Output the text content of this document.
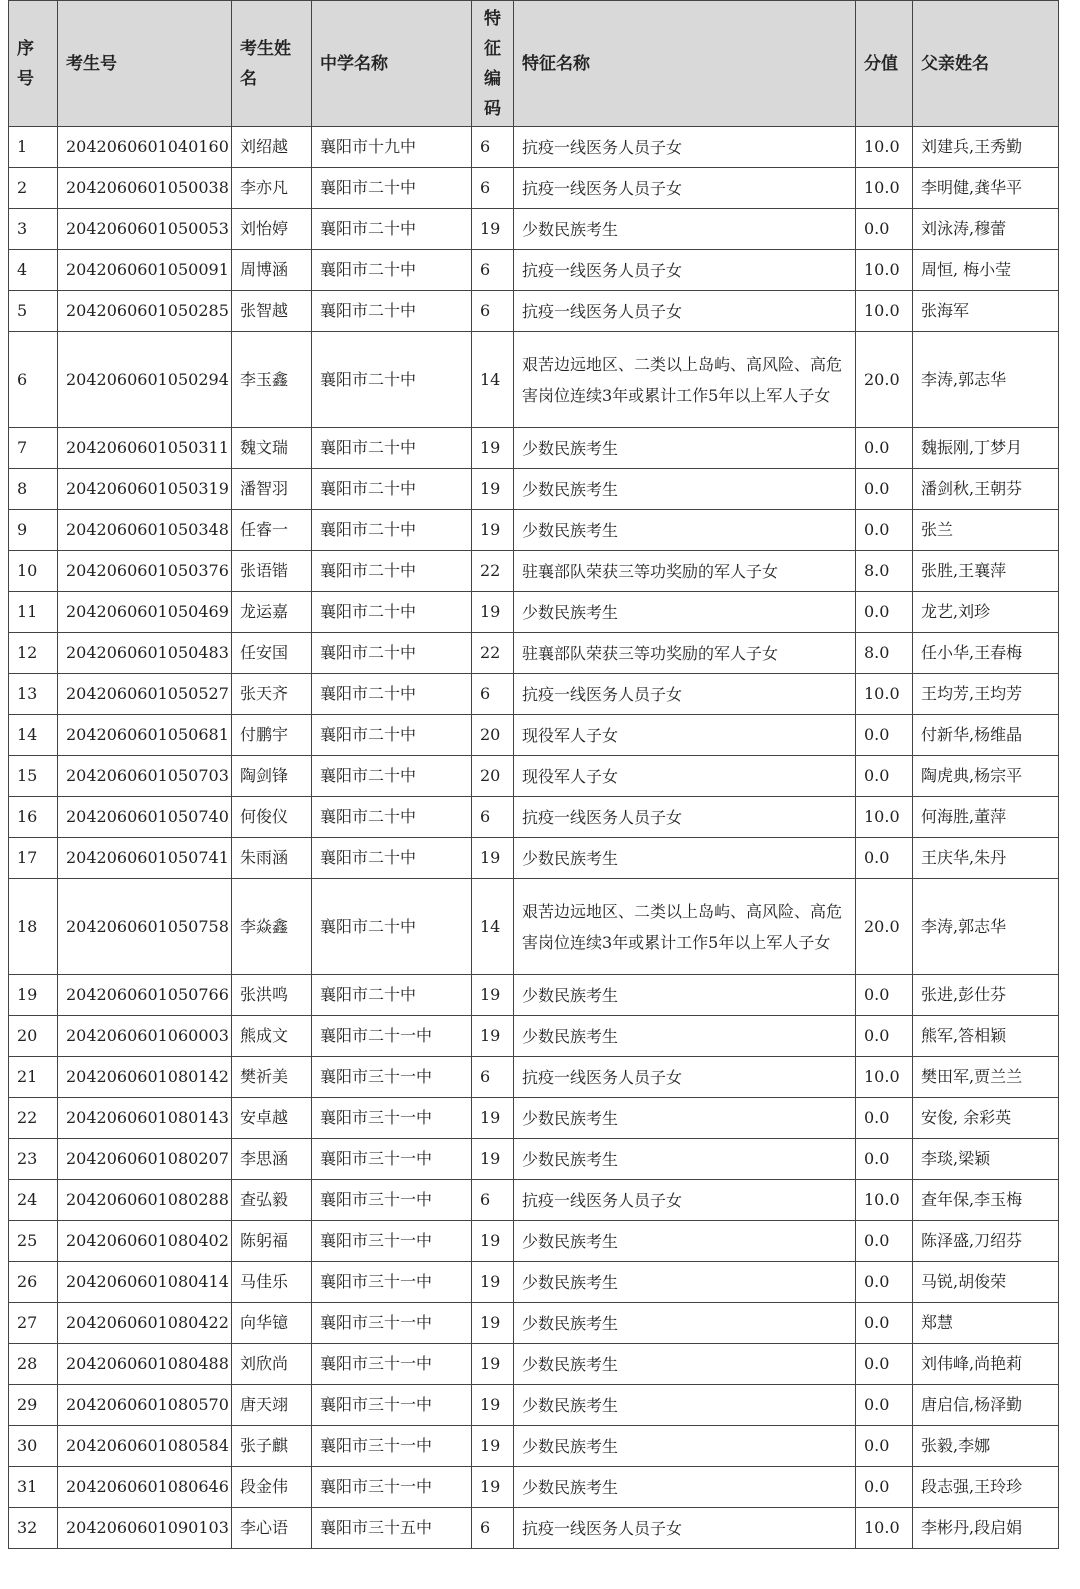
序号	考生号	考生姓名	中学名称	特征编码	特征名称	分值	父亲姓名
1	2042060601040160	刘绍越	襄阳市十九中	6	抗疫一线医务人员子女	10.0	刘建兵,王秀勤
2	2042060601050038	李亦凡	襄阳市二十中	6	抗疫一线医务人员子女	10.0	李明健,龚华平
3	2042060601050053	刘怡婷	襄阳市二十中	19	少数民族考生	0.0	刘泳涛,穆蕾
4	2042060601050091	周博涵	襄阳市二十中	6	抗疫一线医务人员子女	10.0	周恒, 梅小莹
5	2042060601050285	张智越	襄阳市二十中	6	抗疫一线医务人员子女	10.0	张海军
6	2042060601050294	李玉鑫	襄阳市二十中	14	艰苦边远地区、二类以上岛屿、高风险、高危害岗位连续3年或累计工作5年以上军人子女	20.0	李涛,郭志华
7	2042060601050311	魏文瑞	襄阳市二十中	19	少数民族考生	0.0	魏振刚,丁梦月
8	2042060601050319	潘智羽	襄阳市二十中	19	少数民族考生	0.0	潘剑秋,王朝芬
9	2042060601050348	任睿一	襄阳市二十中	19	少数民族考生	0.0	张兰
10	2042060601050376	张语锴	襄阳市二十中	22	驻襄部队荣获三等功奖励的军人子女	8.0	张胜,王襄萍
11	2042060601050469	龙运嘉	襄阳市二十中	19	少数民族考生	0.0	龙艺,刘珍
12	2042060601050483	任安国	襄阳市二十中	22	驻襄部队荣获三等功奖励的军人子女	8.0	任小华,王春梅
13	2042060601050527	张天齐	襄阳市二十中	6	抗疫一线医务人员子女	10.0	王均芳,王均芳
14	2042060601050681	付鹏宇	襄阳市二十中	20	现役军人子女	0.0	付新华,杨维晶
15	2042060601050703	陶剑锋	襄阳市二十中	20	现役军人子女	0.0	陶虎典,杨宗平
16	2042060601050740	何俊仪	襄阳市二十中	6	抗疫一线医务人员子女	10.0	何海胜,董萍
17	2042060601050741	朱雨涵	襄阳市二十中	19	少数民族考生	0.0	王庆华,朱丹
18	2042060601050758	李焱鑫	襄阳市二十中	14	艰苦边远地区、二类以上岛屿、高风险、高危害岗位连续3年或累计工作5年以上军人子女	20.0	李涛,郭志华
19	2042060601050766	张洪鸣	襄阳市二十中	19	少数民族考生	0.0	张进,彭仕芬
20	2042060601060003	熊成文	襄阳市二十一中	19	少数民族考生	0.0	熊军,答相颖
21	2042060601080142	樊祈美	襄阳市三十一中	6	抗疫一线医务人员子女	10.0	樊田军,贾兰兰
22	2042060601080143	安卓越	襄阳市三十一中	19	少数民族考生	0.0	安俊, 余彩英
23	2042060601080207	李思涵	襄阳市三十一中	19	少数民族考生	0.0	李琰,梁颖
24	2042060601080288	查弘毅	襄阳市三十一中	6	抗疫一线医务人员子女	10.0	查年保,李玉梅
25	2042060601080402	陈躬福	襄阳市三十一中	19	少数民族考生	0.0	陈泽盛,刀绍芬
26	2042060601080414	马佳乐	襄阳市三十一中	19	少数民族考生	0.0	马锐,胡俊荣
27	2042060601080422	向华镱	襄阳市三十一中	19	少数民族考生	0.0	郑慧
28	2042060601080488	刘欣尚	襄阳市三十一中	19	少数民族考生	0.0	刘伟峰,尚艳莉
29	2042060601080570	唐天翊	襄阳市三十一中	19	少数民族考生	0.0	唐启信,杨泽勤
30	2042060601080584	张子麒	襄阳市三十一中	19	少数民族考生	0.0	张毅,李娜
31	2042060601080646	段金伟	襄阳市三十一中	19	少数民族考生	0.0	段志强,王玲珍
32	2042060601090103	李心语	襄阳市三十五中	6	抗疫一线医务人员子女	10.0	李彬丹,段启娟
